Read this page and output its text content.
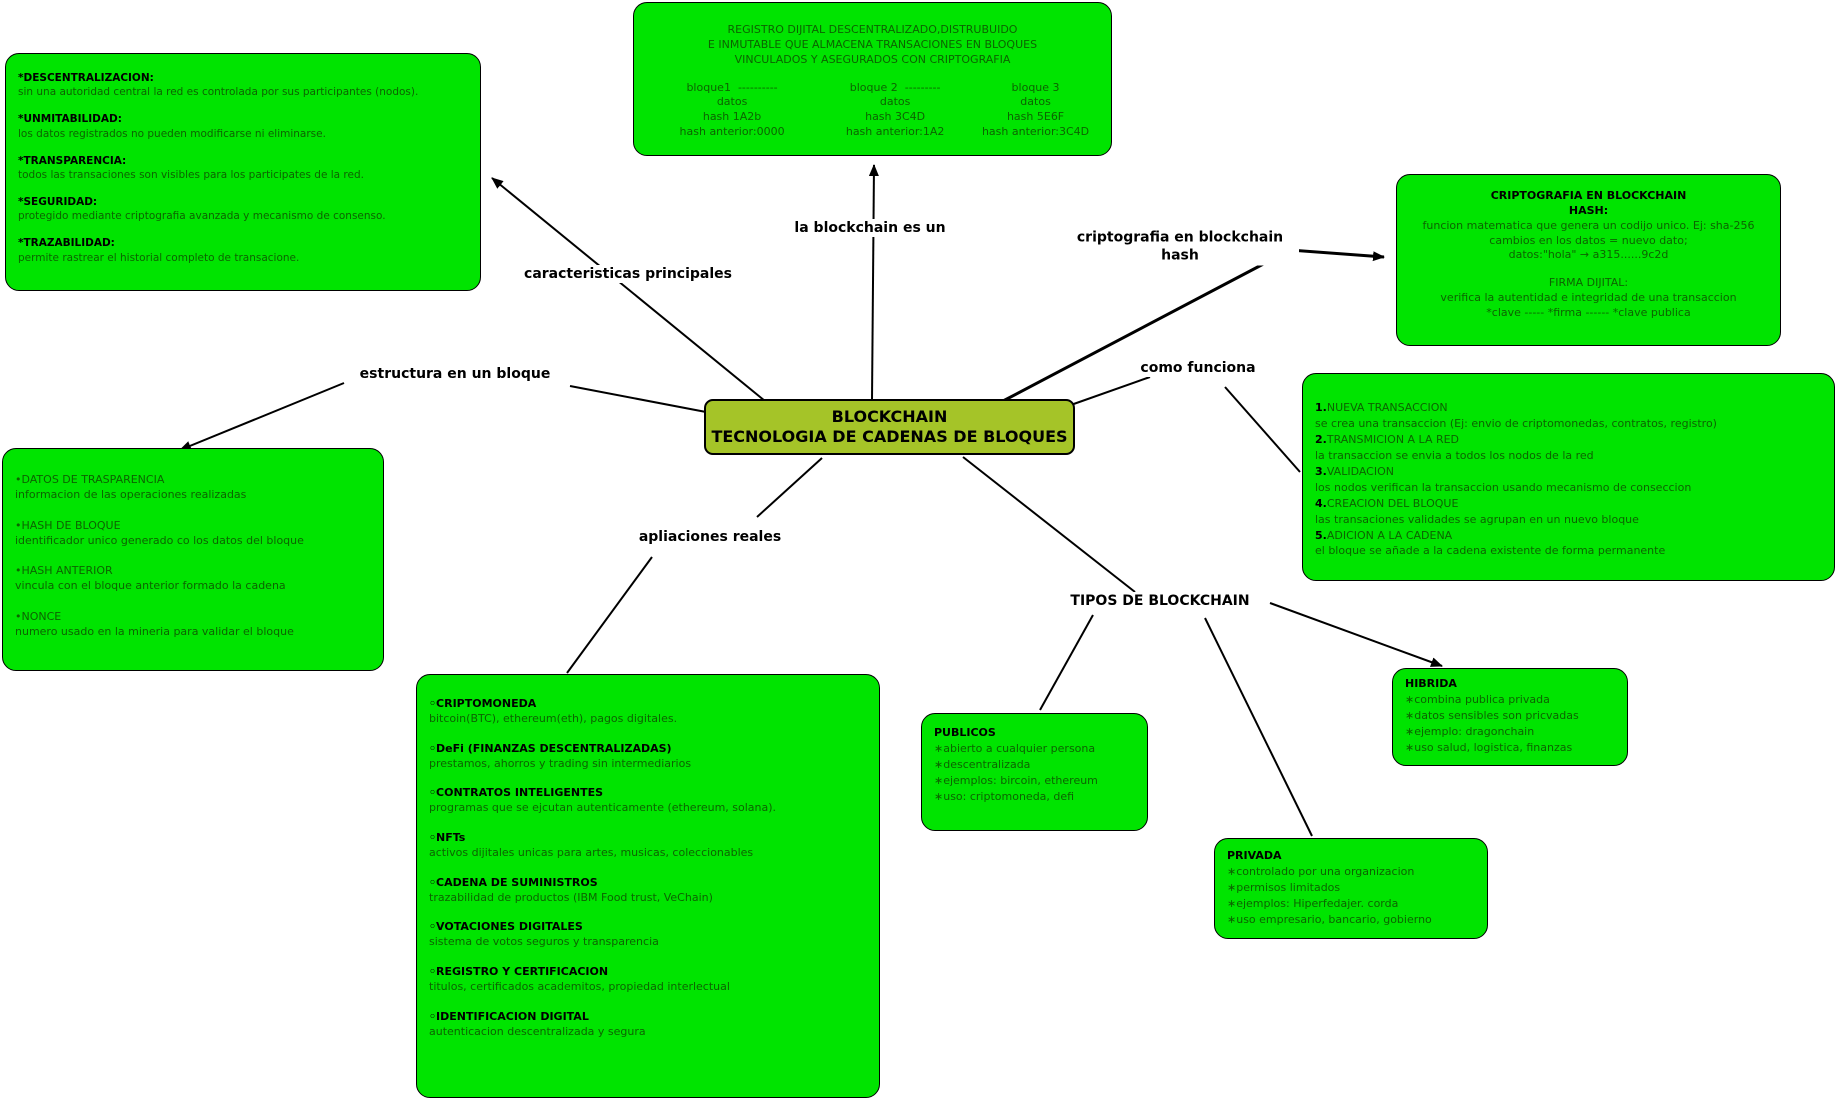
BLOCKCHAIN
TECNOLOGIA DE CADENAS DE BLOQUES
caracteristicas principales
la blockchain es un
criptografia en blockchain
hash
como funciona
estructura en un bloque
apliaciones reales
TIPOS DE BLOCKCHAIN
*DESCENTRALIZACION:
sin una autoridad central la red es controlada por sus participantes (nodos).
*UNMITABILIDAD:
los datos registrados no pueden modificarse ni eliminarse.
*TRANSPARENCIA:
todos las transaciones son visibles para los participates de la red.
*SEGURIDAD:
protegido mediante criptografia avanzada y mecanismo de consenso.
*TRAZABILIDAD:
permite rastrear el historial completo de transacione.
REGISTRO DIJITAL DESCENTRALIZADO,DISTRUBUIDO
E INMUTABLE QUE ALMACENA TRANSACIONES EN BLOQUES
VINCULADOS Y ASEGURADOS CON CRIPTOGRAFIA
bloque1 ----------
datos
hash 1A2b
hash anterior:0000
bloque 2 ---------
datos
hash 3C4D
hash anterior:1A2
bloque 3
datos
hash 5E6F
hash anterior:3C4D
CRIPTOGRAFIA EN BLOCKCHAIN
HASH:
funcion matematica que genera un codijo unico. Ej: sha-256
cambios en los datos = nuevo dato;
datos:"hola" → a315......9c2d
FIRMA DIJITAL:
verifica la autentidad e integridad de una transaccion
*clave ----- *firma ------ *clave publica
1.NUEVA TRANSACCION
se crea una transaccion (Ej: envio de criptomonedas, contratos, registro)
2.TRANSMICION A LA RED
la transaccion se envia a todos los nodos de la red
3.VALIDACION
los nodos verifican la transaccion usando mecanismo de conseccion
4.CREACION DEL BLOQUE
las transaciones validades se agrupan en un nuevo bloque
5.ADICION A LA CADENA
el bloque se añade a la cadena existente de forma permanente
•DATOS DE TRASPARENCIA
informacion de las operaciones realizadas
•HASH DE BLOQUE
identificador unico generado co los datos del bloque
•HASH ANTERIOR
vincula con el bloque anterior formado la cadena
•NONCE
numero usado en la mineria para validar el bloque
◦CRIPTOMONEDA
bitcoin(BTC), ethereum(eth), pagos digitales.
◦DeFi (FINANZAS DESCENTRALIZADAS)
prestamos, ahorros y trading sin intermediarios
◦CONTRATOS INTELIGENTES
programas que se ejcutan autenticamente (ethereum, solana).
◦NFTs
activos dijitales unicas para artes, musicas, coleccionables
◦CADENA DE SUMINISTROS
trazabilidad de productos (IBM Food trust, VeChain)
◦VOTACIONES DIGITALES
sistema de votos seguros y transparencia
◦REGISTRO Y CERTIFICACION
titulos, certificados academitos, propiedad interlectual
◦IDENTIFICACION DIGITAL
autenticacion descentralizada y segura
PUBLICOS
∗abierto a cualquier persona
∗descentralizada
∗ejemplos: bircoin, ethereum
∗uso: criptomoneda, defi
HIBRIDA
∗combina publica privada
∗datos sensibles son pricvadas
∗ejemplo: dragonchain
∗uso salud, logistica, finanzas
PRIVADA
∗controlado por una organizacion
∗permisos limitados
∗ejemplos: Hiperfedajer. corda
∗uso empresario, bancario, gobierno
